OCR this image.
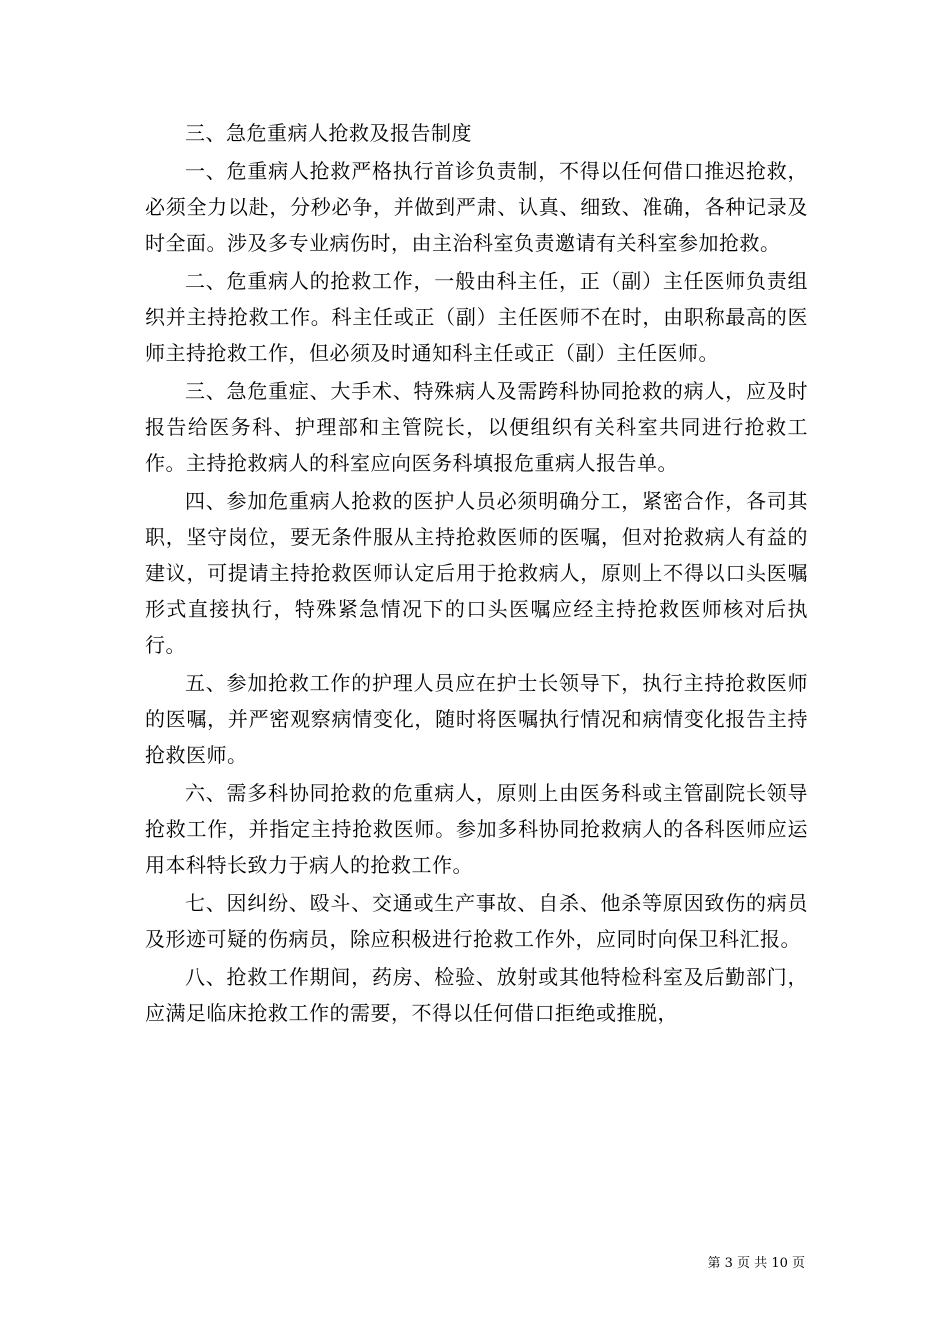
三、急危重病人抢救及报告制度

一、危重病人抢救严格执行首诊负责制，不得以任何借口推迟抢救，必须全力以赴，分秒必争，并做到严肃、认真、细致、准确，各种记录及时全面。涉及多专业病伤时，由主治科室负责邀请有关科室参加抢救。

二、危重病人的抢救工作，一般由科主任，正（副）主任医师负责组织并主持抢救工作。科主任或正（副）主任医师不在时，由职称最高的医师主持抢救工作，但必须及时通知科主任或正（副）主任医师。

三、急危重症、大手术、特殊病人及需跨科协同抢救的病人，应及时报告给医务科、护理部和主管院长，以便组织有关科室共同进行抢救工作。主持抢救病人的科室应向医务科填报危重病人报告单。

四、参加危重病人抢救的医护人员必须明确分工，紧密合作，各司其职，坚守岗位，要无条件服从主持抢救医师的医嘱，但对抢救病人有益的建议，可提请主持抢救医师认定后用于抢救病人，原则上不得以口头医嘱形式直接执行，特殊紧急情况下的口头医嘱应经主持抢救医师核对后执行。

五、参加抢救工作的护理人员应在护士长领导下，执行主持抢救医师的医嘱，并严密观察病情变化，随时将医嘱执行情况和病情变化报告主持抢救医师。

六、需多科协同抢救的危重病人，原则上由医务科或主管副院长领导抢救工作，并指定主持抢救医师。参加多科协同抢救病人的各科医师应运用本科特长致力于病人的抢救工作。

七、因纠纷、殴斗、交通或生产事故、自杀、他杀等原因致伤的病员及形迹可疑的伤病员，除应积极进行抢救工作外，应同时向保卫科汇报。

八、抢救工作期间，药房、检验、放射或其他特检科室及后勤部门，应满足临床抢救工作的需要，不得以任何借口拒绝或推脱，

第 3 页 共 10 页
